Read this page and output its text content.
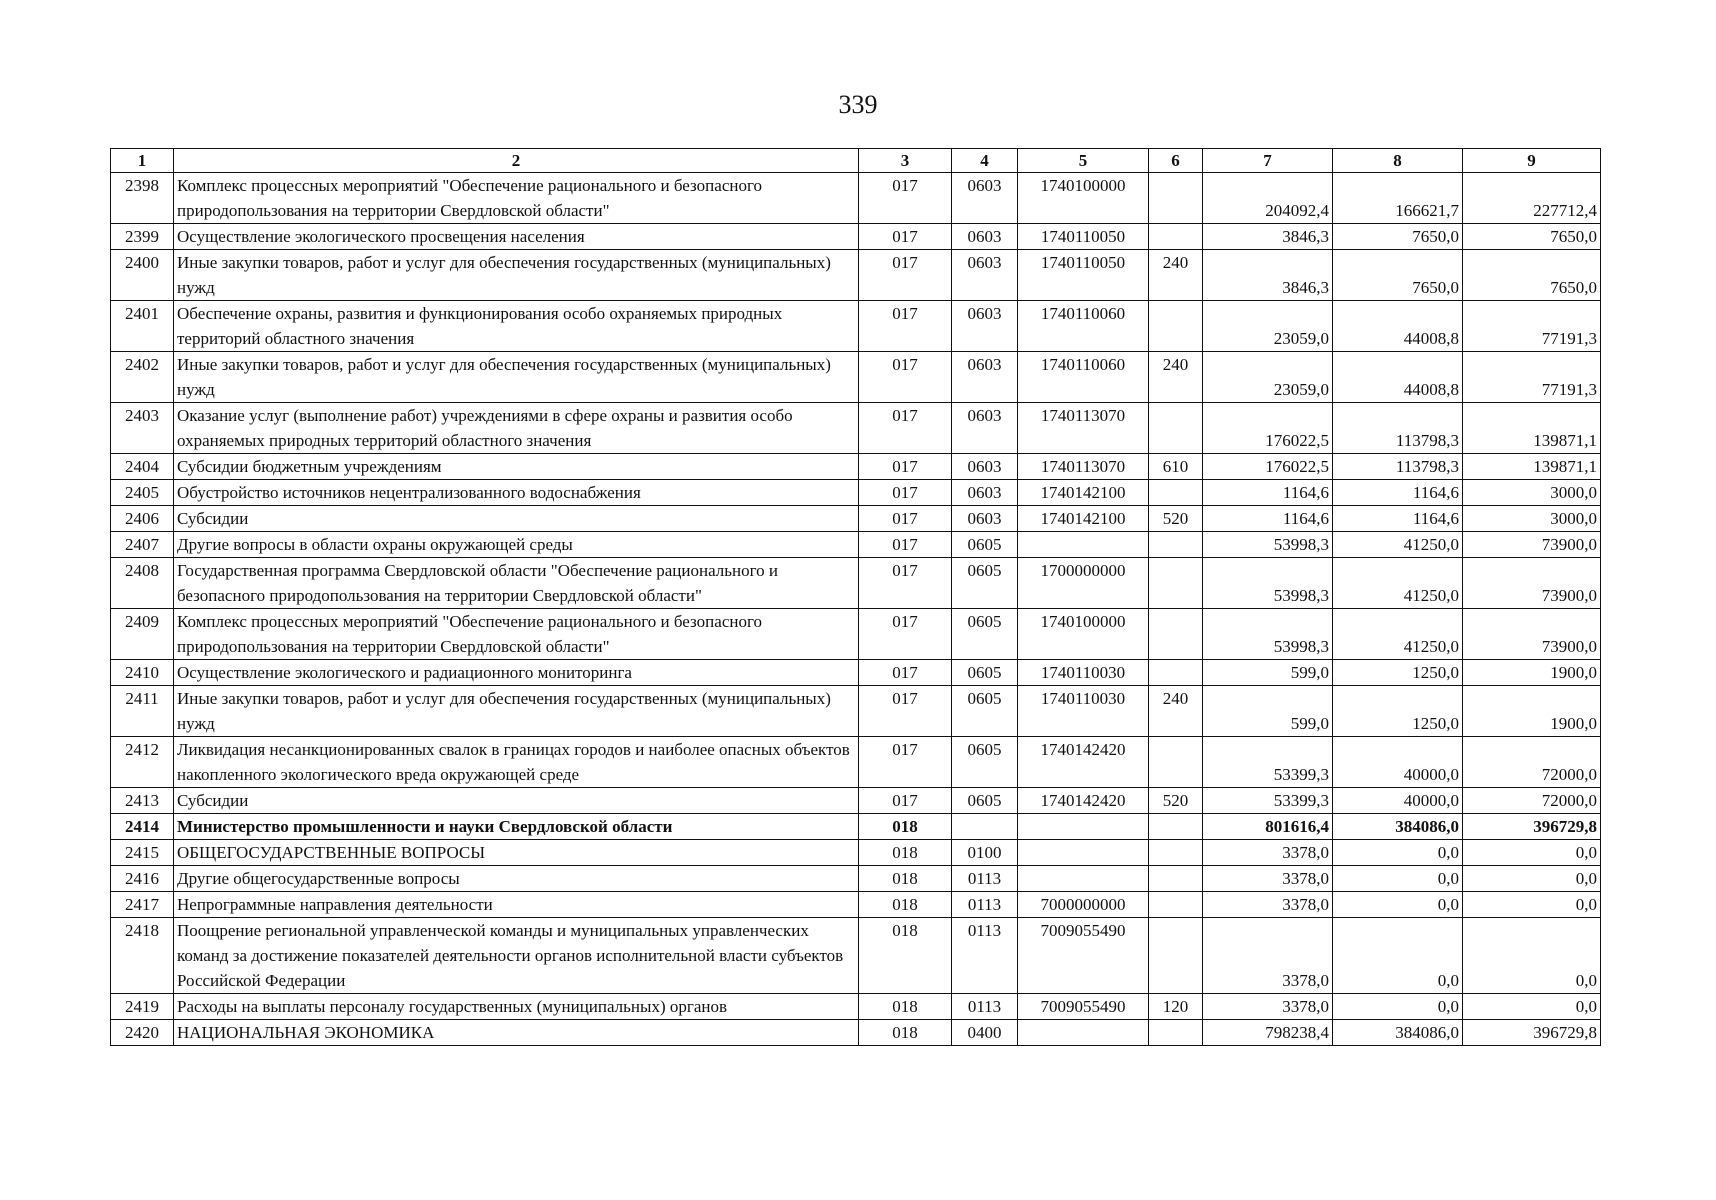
339
1	2	3	4	5	6	7	8	9
2398	Комплекс процессных мероприятий "Обеспечение рационального и безопасного природопользования на территории Свердловской области"	017	0603	1740100000		204092,4	166621,7	227712,4
2399	Осуществление экологического просвещения населения	017	0603	1740110050		3846,3	7650,0	7650,0
2400	Иные закупки товаров, работ и услуг для обеспечения государственных (муниципальных) нужд	017	0603	1740110050	240	3846,3	7650,0	7650,0
2401	Обеспечение охраны, развития и функционирования особо охраняемых природных территорий областного значения	017	0603	1740110060		23059,0	44008,8	77191,3
2402	Иные закупки товаров, работ и услуг для обеспечения государственных (муниципальных) нужд	017	0603	1740110060	240	23059,0	44008,8	77191,3
2403	Оказание услуг (выполнение работ) учреждениями в сфере охраны и развития особо охраняемых природных территорий областного значения	017	0603	1740113070		176022,5	113798,3	139871,1
2404	Субсидии бюджетным учреждениям	017	0603	1740113070	610	176022,5	113798,3	139871,1
2405	Обустройство источников нецентрализованного водоснабжения	017	0603	1740142100		1164,6	1164,6	3000,0
2406	Субсидии	017	0603	1740142100	520	1164,6	1164,6	3000,0
2407	Другие вопросы в области охраны окружающей среды	017	0605			53998,3	41250,0	73900,0
2408	Государственная программа Свердловской области "Обеспечение рационального и безопасного природопользования на территории Свердловской области"	017	0605	1700000000		53998,3	41250,0	73900,0
2409	Комплекс процессных мероприятий "Обеспечение рационального и безопасного природопользования на территории Свердловской области"	017	0605	1740100000		53998,3	41250,0	73900,0
2410	Осуществление экологического и радиационного мониторинга	017	0605	1740110030		599,0	1250,0	1900,0
2411	Иные закупки товаров, работ и услуг для обеспечения государственных (муниципальных) нужд	017	0605	1740110030	240	599,0	1250,0	1900,0
2412	Ликвидация несанкционированных свалок в границах городов и наиболее опасных объектов накопленного экологического вреда окружающей среде	017	0605	1740142420		53399,3	40000,0	72000,0
2413	Субсидии	017	0605	1740142420	520	53399,3	40000,0	72000,0
2414	Министерство промышленности и науки Свердловской области	018				801616,4	384086,0	396729,8
2415	ОБЩЕГОСУДАРСТВЕННЫЕ ВОПРОСЫ	018	0100			3378,0	0,0	0,0
2416	Другие общегосударственные вопросы	018	0113			3378,0	0,0	0,0
2417	Непрограммные направления деятельности	018	0113	7000000000		3378,0	0,0	0,0
2418	Поощрение региональной управленческой команды и муниципальных управленческих команд за достижение показателей деятельности органов исполнительной власти субъектов Российской Федерации	018	0113	7009055490		3378,0	0,0	0,0
2419	Расходы на выплаты персоналу государственных (муниципальных) органов	018	0113	7009055490	120	3378,0	0,0	0,0
2420	НАЦИОНАЛЬНАЯ ЭКОНОМИКА	018	0400			798238,4	384086,0	396729,8
